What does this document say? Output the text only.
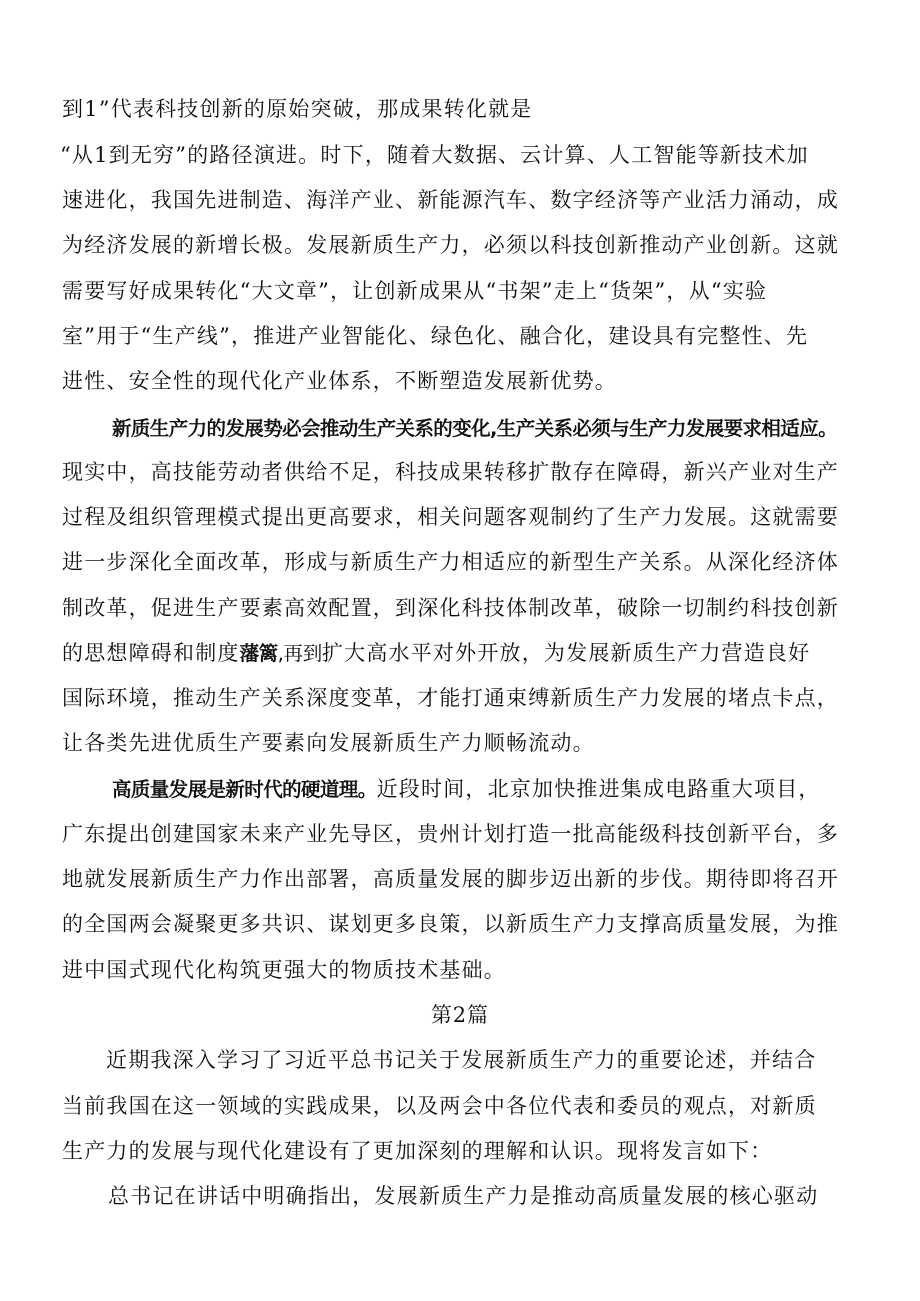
到1”代表科技创新的原始突破，那成果转化就是
“从1到无穷”的路径演进。时下，随着大数据、云计算、人工智能等新技术加
速进化，我国先进制造、海洋产业、新能源汽车、数字经济等产业活力涌动，成
为经济发展的新增长极。发展新质生产力，必须以科技创新推动产业创新。这就
需要写好成果转化“大文章”，让创新成果从“书架”走上“货架”，从“实验
室”用于“生产线”，推进产业智能化、绿色化、融合化，建设具有完整性、先
进性、安全性的现代化产业体系，不断塑造发展新优势。
新质生产力的发展势必会推动生产关系的变化,生产关系必须与生产力发展要求相适应。
现实中，高技能劳动者供给不足，科技成果转移扩散存在障碍，新兴产业对生产
过程及组织管理模式提出更高要求，相关问题客观制约了生产力发展。这就需要
进一步深化全面改革，形成与新质生产力相适应的新型生产关系。从深化经济体
制改革，促进生产要素高效配置，到深化科技体制改革，破除一切制约科技创新
的思想障碍和制度藩篱,再到扩大高水平对外开放，为发展新质生产力营造良好
国际环境，推动生产关系深度变革，才能打通束缚新质生产力发展的堵点卡点，
让各类先进优质生产要素向发展新质生产力顺畅流动。
高质量发展是新时代的硬道理。近段时间，北京加快推进集成电路重大项目，
广东提出创建国家未来产业先导区，贵州计划打造一批高能级科技创新平台，多
地就发展新质生产力作出部署，高质量发展的脚步迈出新的步伐。期待即将召开
的全国两会凝聚更多共识、谋划更多良策，以新质生产力支撑高质量发展，为推
进中国式现代化构筑更强大的物质技术基础。
第2篇
近期我深入学习了习近平总书记关于发展新质生产力的重要论述，并结合
当前我国在这一领域的实践成果，以及两会中各位代表和委员的观点，对新质
生产力的发展与现代化建设有了更加深刻的理解和认识。现将发言如下：
总书记在讲话中明确指出，发展新质生产力是推动高质量发展的核心驱动
